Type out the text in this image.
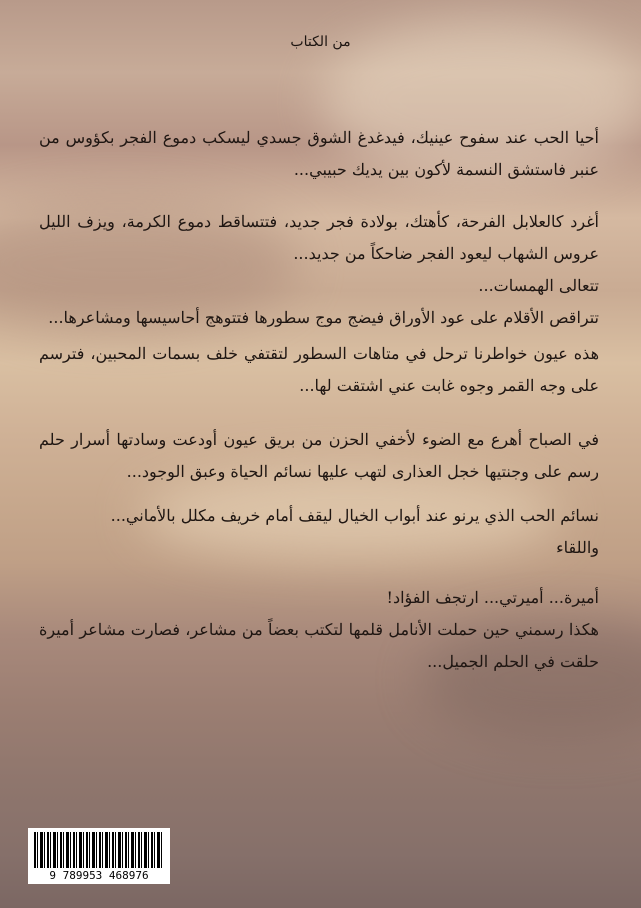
من الكتاب
أحيا الحب عند سفوح عينيك، فيدغدغ الشوق جسدي ليسكب دموع الفجر بكؤوس من عنبر فاستشق النسمة لأكون بين يديك حبيبي...
أغرد كالعلابل الفرحة، كأهتك، بولادة فجر جديد، فتتساقط دموع الكرمة، ويزف الليل عروس الشهاب ليعود الفجر ضاحكاً من جديد...
تتعالى الهمسات...
تتراقص الأقلام على عود الأوراق فيضج موج سطورها فتتوهج أحاسيسها ومشاعرها...
هذه عيون خواطرنا ترحل في متاهات السطور لتقتفي خلف بسمات المحبين، فترسم على وجه القمر وجوه غابت عني اشتقت لها...
في الصباح أهرع مع الضوء لأخفي الحزن من بريق عيون أودعت وسادتها أسرار حلم رسم على وجنتيها خجل العذارى لتهب عليها نسائم الحياة وعبق الوجود...
نسائم الحب الذي يرنو عند أبواب الخيال ليقف أمام خريف مكلل بالأماني...
واللقاء
أميرة... أميرتي... ارتجف الفؤاد!
هكذا رسمني حين حملت الأنامل قلمها لتكتب بعضاً من مشاعر، فصارت مشاعر أميرة حلقت في الحلم الجميل...
9 789953 468976
